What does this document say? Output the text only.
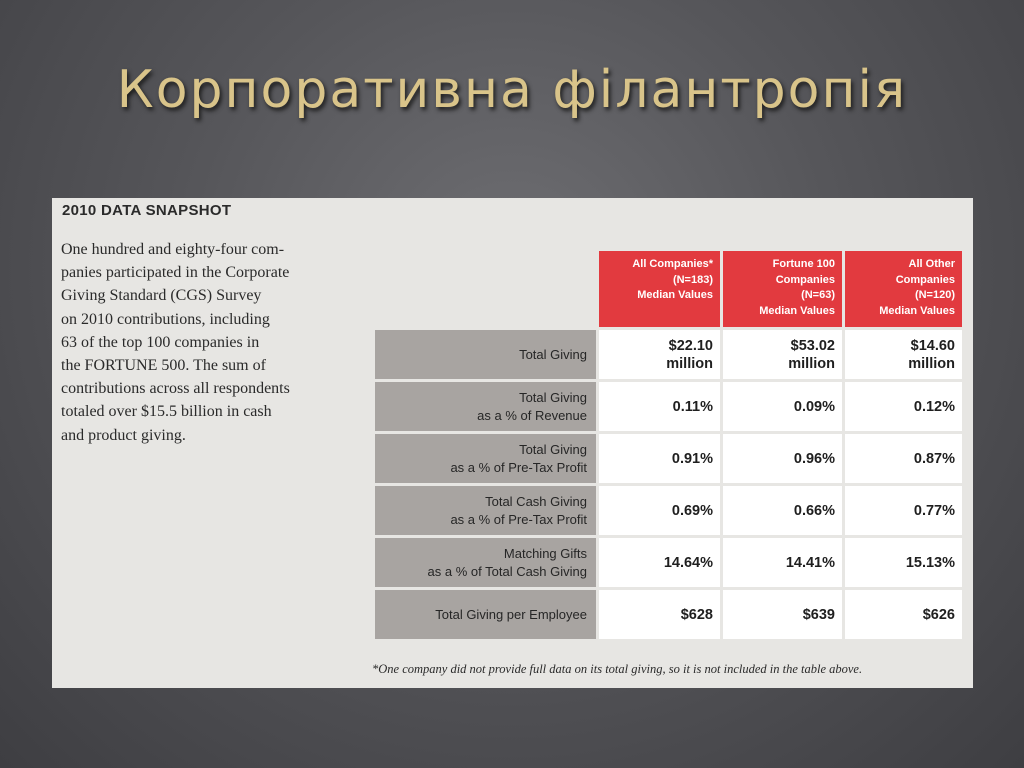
Корпоративна філантропія
2010 DATA SNAPSHOT

One hundred and eighty-four com-
panies participated in the Corporate
Giving Standard (CGS) Survey
on 2010 contributions, including
63 of the top 100 companies in
the FORTUNE 500. The sum of
contributions across all respondents
totaled over $15.5 billion in cash
and product giving.

	All Companies*
(N=183)
Median Values	Fortune 100
Companies
(N=63)
Median Values	All Other
Companies
(N=120)
Median Values
Total Giving	$22.10
million	$53.02
million	$14.60
million
Total Giving
as a % of Revenue	0.11%	0.09%	0.12%
Total Giving
as a % of Pre-Tax Profit	0.91%	0.96%	0.87%
Total Cash Giving
as a % of Pre-Tax Profit	0.69%	0.66%	0.77%
Matching Gifts
as a % of Total Cash Giving	14.64%	14.41%	15.13%
Total Giving per Employee	$628	$639	$626
*One company did not provide full data on its total giving, so it is not included in the table above.
